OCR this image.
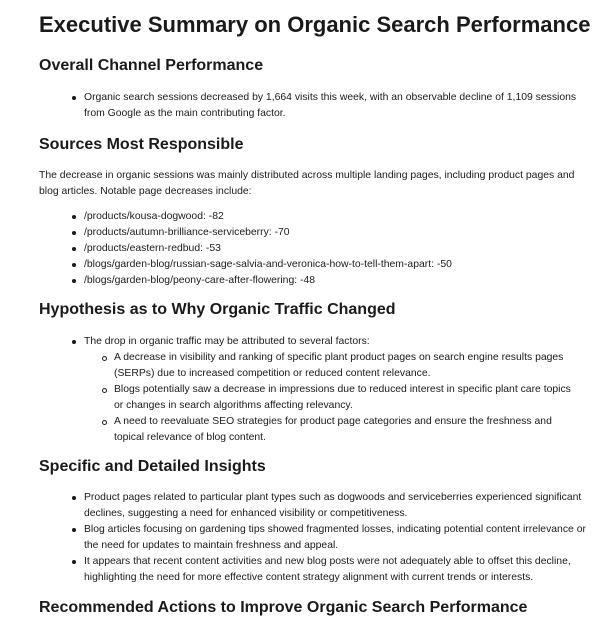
Executive Summary on Organic Search Performance
Overall Channel Performance
Organic search sessions decreased by 1,664 visits this week, with an observable decline of 1,109 sessions from Google as the main contributing factor.
Sources Most Responsible

The decrease in organic sessions was mainly distributed across multiple landing pages, including product pages and blog articles. Notable page decreases include:

/products/kousa-dogwood: -82
/products/autumn-brilliance-serviceberry: -70
/products/eastern-redbud: -53
/blogs/garden-blog/russian-sage-salvia-and-veronica-how-to-tell-them-apart: -50
/blogs/garden-blog/peony-care-after-flowering: -48
Hypothesis as to Why Organic Traffic Changed
The drop in organic traffic may be attributed to several factors:
A decrease in visibility and ranking of specific plant product pages on search engine results pages (SERPs) due to increased competition or reduced content relevance.
Blogs potentially saw a decrease in impressions due to reduced interest in specific plant care topics or changes in search algorithms affecting relevancy.
A need to reevaluate SEO strategies for product page categories and ensure the freshness and topical relevance of blog content.
Specific and Detailed Insights
Product pages related to particular plant types such as dogwoods and serviceberries experienced significant declines, suggesting a need for enhanced visibility or competitiveness.
Blog articles focusing on gardening tips showed fragmented losses, indicating potential content irrelevance or the need for updates to maintain freshness and appeal.
It appears that recent content activities and new blog posts were not adequately able to offset this decline, highlighting the need for more effective content strategy alignment with current trends or interests.
Recommended Actions to Improve Organic Search Performance
